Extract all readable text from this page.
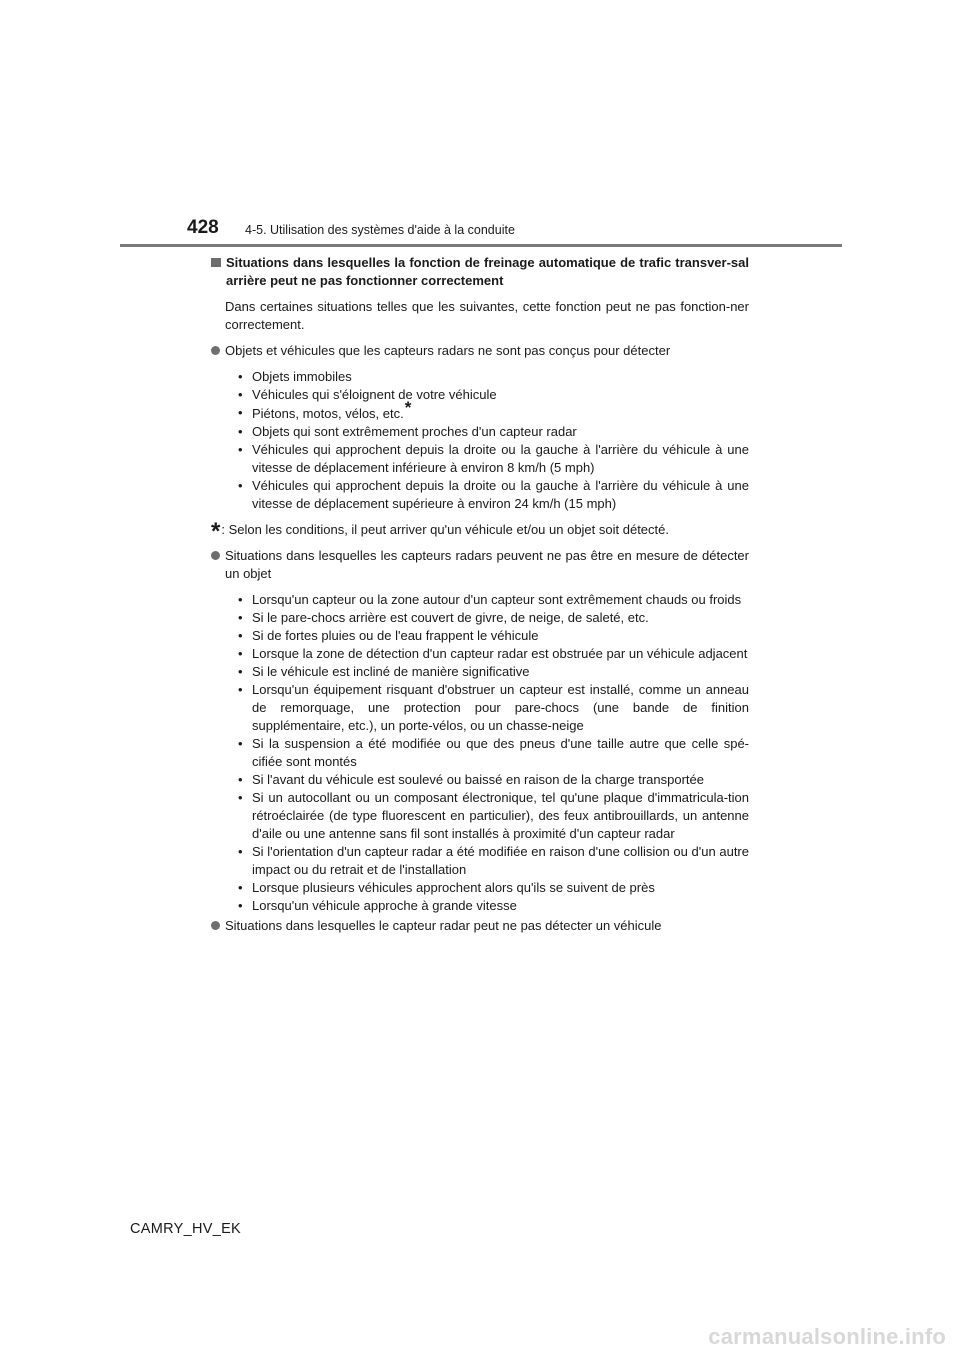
428 4-5. Utilisation des systèmes d'aide à la conduite
Situations dans lesquelles la fonction de freinage automatique de trafic transver-sal arrière peut ne pas fonctionner correctement
Dans certaines situations telles que les suivantes, cette fonction peut ne pas fonction-ner correctement.
Objets et véhicules que les capteurs radars ne sont pas conçus pour détecter
• Objets immobiles
• Véhicules qui s'éloignent de votre véhicule
• Piétons, motos, vélos, etc.*
• Objets qui sont extrêmement proches d'un capteur radar
• Véhicules qui approchent depuis la droite ou la gauche à l'arrière du véhicule à une vitesse de déplacement inférieure à environ 8 km/h (5 mph)
• Véhicules qui approchent depuis la droite ou la gauche à l'arrière du véhicule à une vitesse de déplacement supérieure à environ 24 km/h (15 mph)
* : Selon les conditions, il peut arriver qu'un véhicule et/ou un objet soit détecté.
Situations dans lesquelles les capteurs radars peuvent ne pas être en mesure de détecter un objet
• Lorsqu'un capteur ou la zone autour d'un capteur sont extrêmement chauds ou froids
• Si le pare-chocs arrière est couvert de givre, de neige, de saleté, etc.
• Si de fortes pluies ou de l'eau frappent le véhicule
• Lorsque la zone de détection d'un capteur radar est obstruée par un véhicule adjacent
• Si le véhicule est incliné de manière significative
• Lorsqu'un équipement risquant d'obstruer un capteur est installé, comme un anneau de remorquage, une protection pour pare-chocs (une bande de finition supplémentaire, etc.), un porte-vélos, ou un chasse-neige
• Si la suspension a été modifiée ou que des pneus d'une taille autre que celle spé-cifiée sont montés
• Si l'avant du véhicule est soulevé ou baissé en raison de la charge transportée
• Si un autocollant ou un composant électronique, tel qu'une plaque d'immatricula-tion rétroéclairée (de type fluorescent en particulier), des feux antibrouillards, un antenne d'aile ou une antenne sans fil sont installés à proximité d'un capteur radar
• Si l'orientation d'un capteur radar a été modifiée en raison d'une collision ou d'un autre impact ou du retrait et de l'installation
• Lorsque plusieurs véhicules approchent alors qu'ils se suivent de près
• Lorsqu'un véhicule approche à grande vitesse
Situations dans lesquelles le capteur radar peut ne pas détecter un véhicule
CAMRY_HV_EK
carmanualsonline.info
